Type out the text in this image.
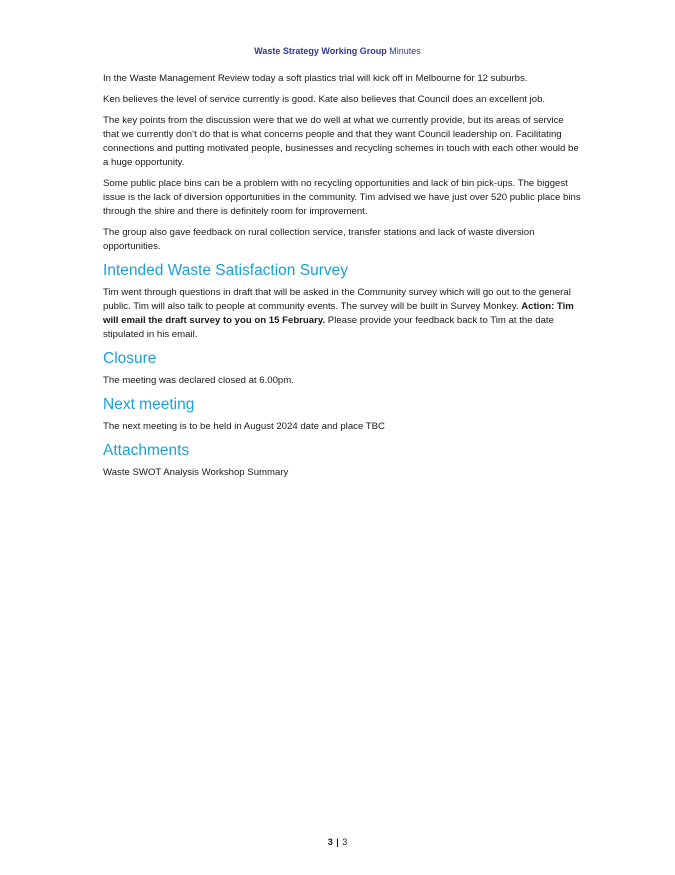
Waste Strategy Working Group Minutes

In the Waste Management Review today a soft plastics trial will kick off in Melbourne for 12 suburbs.

Ken believes the level of service currently is good. Kate also believes that Council does an excellent job.

The key points from the discussion were that we do well at what we currently provide, but its areas of service that we currently don’t do that is what concerns people and that they want Council leadership on. Facilitating connections and putting motivated people, businesses and recycling schemes in touch with each other would be a huge opportunity.

Some public place bins can be a problem with no recycling opportunities and lack of bin pick-ups. The biggest issue is the lack of diversion opportunities in the community. Tim advised we have just over 520 public place bins through the shire and there is definitely room for improvement.

The group also gave feedback on rural collection service, transfer stations and lack of waste diversion opportunities.

Intended Waste Satisfaction Survey

Tim went through questions in draft that will be asked in the Community survey which will go out to the general public. Tim will also talk to people at community events. The survey will be built in Survey Monkey. Action: Tim will email the draft survey to you on 15 February. Please provide your feedback back to Tim at the date stipulated in his email.

Closure

The meeting was declared closed at 6.00pm.

Next meeting

The next meeting is to be held in August 2024 date and place TBC

Attachments

Waste SWOT Analysis Workshop Summary

3 | 3
